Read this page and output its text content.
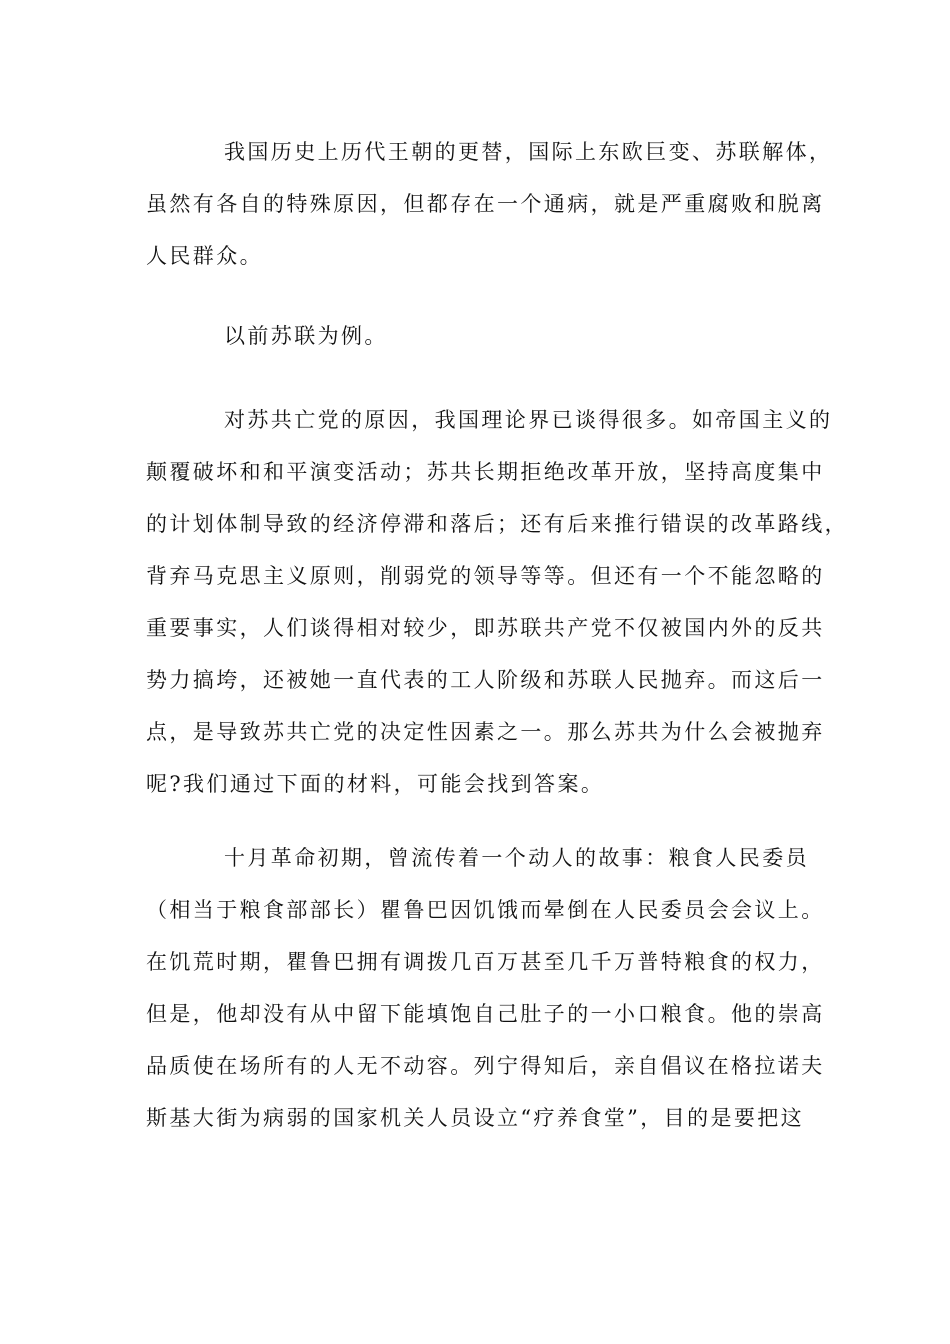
我国历史上历代王朝的更替，国际上东欧巨变、苏联解体，
虽然有各自的特殊原因，但都存在一个通病，就是严重腐败和脱离
人民群众。
以前苏联为例。
对苏共亡党的原因，我国理论界已谈得很多。如帝国主义的
颠覆破坏和和平演变活动；苏共长期拒绝改革开放，坚持高度集中
的计划体制导致的经济停滞和落后；还有后来推行错误的改革路线，
背弃马克思主义原则，削弱党的领导等等。但还有一个不能忽略的
重要事实，人们谈得相对较少，即苏联共产党不仅被国内外的反共
势力搞垮，还被她一直代表的工人阶级和苏联人民抛弃。而这后一
点，是导致苏共亡党的决定性因素之一。那么苏共为什么会被抛弃
呢?我们通过下面的材料，可能会找到答案。
十月革命初期，曾流传着一个动人的故事：粮食人民委员
（相当于粮食部部长）瞿鲁巴因饥饿而晕倒在人民委员会会议上。
在饥荒时期，瞿鲁巴拥有调拨几百万甚至几千万普特粮食的权力，
但是，他却没有从中留下能填饱自己肚子的一小口粮食。他的崇高
品质使在场所有的人无不动容。列宁得知后，亲自倡议在格拉诺夫
斯基大街为病弱的国家机关人员设立“疗养食堂”，目的是要把这
